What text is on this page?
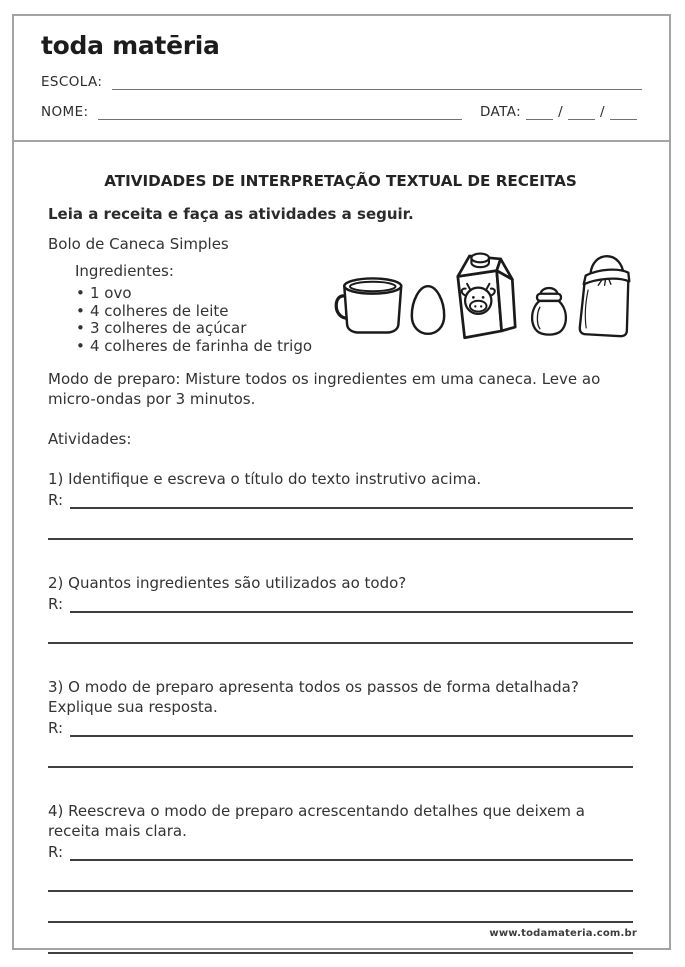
toda matēria
ESCOLA:
NOME:	DATA:	/	/
ATIVIDADES DE INTERPRETAÇÃO TEXTUAL DE RECEITAS
Leia a receita e faça as atividades a seguir.
Bolo de Caneca Simples
Ingredientes:
• 1 ovo
• 4 colheres de leite
• 3 colheres de açúcar
• 4 colheres de farinha de trigo
Modo de preparo: Misture todos os ingredientes em uma caneca. Leve ao micro-ondas por 3 minutos.
Atividades:
1) Identifique e escreva o título do texto instrutivo acima.
R:
2) Quantos ingredientes são utilizados ao todo?
R:
3) O modo de preparo apresenta todos os passos de forma detalhada? Explique sua resposta.
R:
4) Reescreva o modo de preparo acrescentando detalhes que deixem a receita mais clara.
R:
www.todamateria.com.br
